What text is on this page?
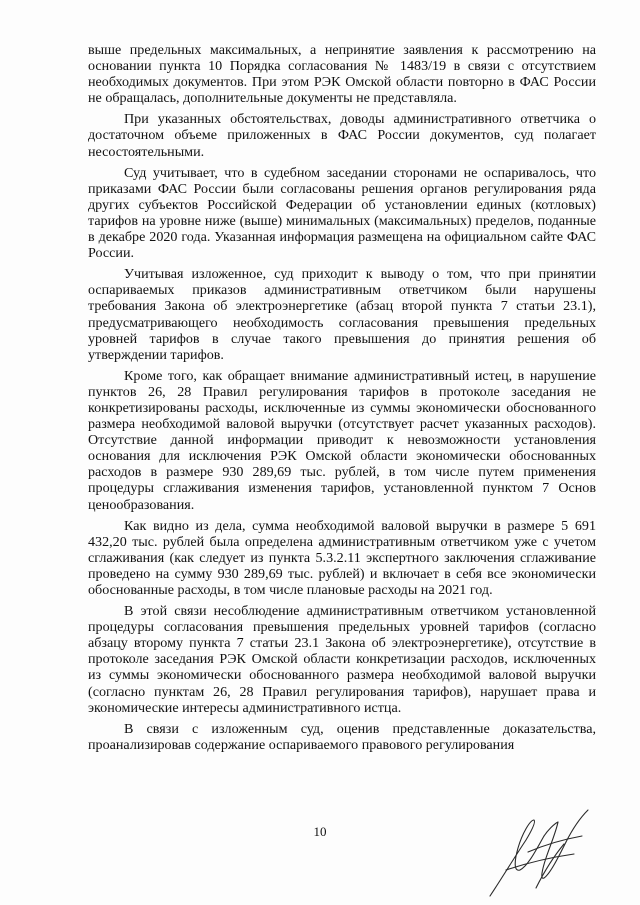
выше предельных максимальных, а непринятие заявления к рассмотрению на основании пункта 10 Порядка согласования № 1483/19 в связи с отсутствием необходимых документов. При этом РЭК Омской области повторно в ФАС России не обращалась, дополнительные документы не представляла.

При указанных обстоятельствах, доводы административного ответчика о достаточном объеме приложенных в ФАС России документов, суд полагает несостоятельными.

Суд учитывает, что в судебном заседании сторонами не оспаривалось, что приказами ФАС России были согласованы решения органов регулирования ряда других субъектов Российской Федерации об установлении единых (котловых) тарифов на уровне ниже (выше) минимальных (максимальных) пределов, поданные в декабре 2020 года. Указанная информация размещена на официальном сайте ФАС России.

Учитывая изложенное, суд приходит к выводу о том, что при принятии оспариваемых приказов административным ответчиком были нарушены требования Закона об электроэнергетике (абзац второй пункта 7 статьи 23.1), предусматривающего необходимость согласования превышения предельных уровней тарифов в случае такого превышения до принятия решения об утверждении тарифов.

Кроме того, как обращает внимание административный истец, в нарушение пунктов 26, 28 Правил регулирования тарифов в протоколе заседания не конкретизированы расходы, исключенные из суммы экономически обоснованного размера необходимой валовой выручки (отсутствует расчет указанных расходов). Отсутствие данной информации приводит к невозможности установления основания для исключения РЭК Омской области экономически обоснованных расходов в размере 930 289,69 тыс. рублей, в том числе путем применения процедуры сглаживания изменения тарифов, установленной пунктом 7 Основ ценообразования.

Как видно из дела, сумма необходимой валовой выручки в размере 5 691 432,20 тыс. рублей была определена административным ответчиком уже с учетом сглаживания (как следует из пункта 5.3.2.11 экспертного заключения сглаживание проведено на сумму 930 289,69 тыс. рублей) и включает в себя все экономически обоснованные расходы, в том числе плановые расходы на 2021 год.

В этой связи несоблюдение административным ответчиком установленной процедуры согласования превышения предельных уровней тарифов (согласно абзацу второму пункта 7 статьи 23.1 Закона об электроэнергетике), отсутствие в протоколе заседания РЭК Омской области конкретизации расходов, исключенных из суммы экономически обоснованного размера необходимой валовой выручки (согласно пунктам 26, 28 Правил регулирования тарифов), нарушает права и экономические интересы административного истца.

В связи с изложенным суд, оценив представленные доказательства, проанализировав содержание оспариваемого правового регулирования

10
